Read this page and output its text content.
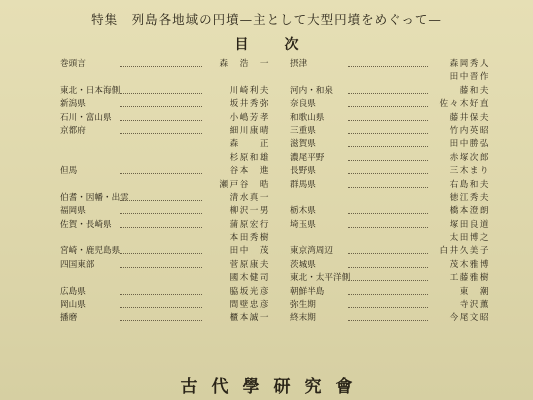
特集　列島各地域の円墳—主として大型円墳をめぐって—
目次
巻頭言	森　浩　一
東北・日本海側	川崎利夫
新潟県	坂井秀弥
石川・富山県	小嶋芳孝
京都府	細川康晴
森　　正
杉原和雄
但馬	谷本　進
瀬戸谷　晧
伯耆・因幡・出雲	清水真一
福岡県	柳沢一男
佐賀・長崎県	蒲原宏行
本田秀樹
宮崎・鹿児島県	田中　茂
四国東部	菅原康夫
國木健司
広島県	脇坂光彦
岡山県	間壁忠彦
播磨	櫃本誠一
摂津	森岡秀人
田中晋作
河内・和泉	藤和夫
奈良県	佐々木好直
和歌山県	藤井保夫
三重県	竹内英昭
滋賀県	田中勝弘
濃尾平野	赤塚次郎
長野県	三木まり
群馬県	右島和夫
徳江秀夫
栃木県	橋本澄朗
埼玉県	塚田良道
太田博之
東京湾周辺	白井久美子
茨城県	茂木雅博
東北・太平洋側	工藤雅樹
朝鮮半島	東　潮
弥生期	寺沢薫
終末期	今尾文昭
古代學研究會
